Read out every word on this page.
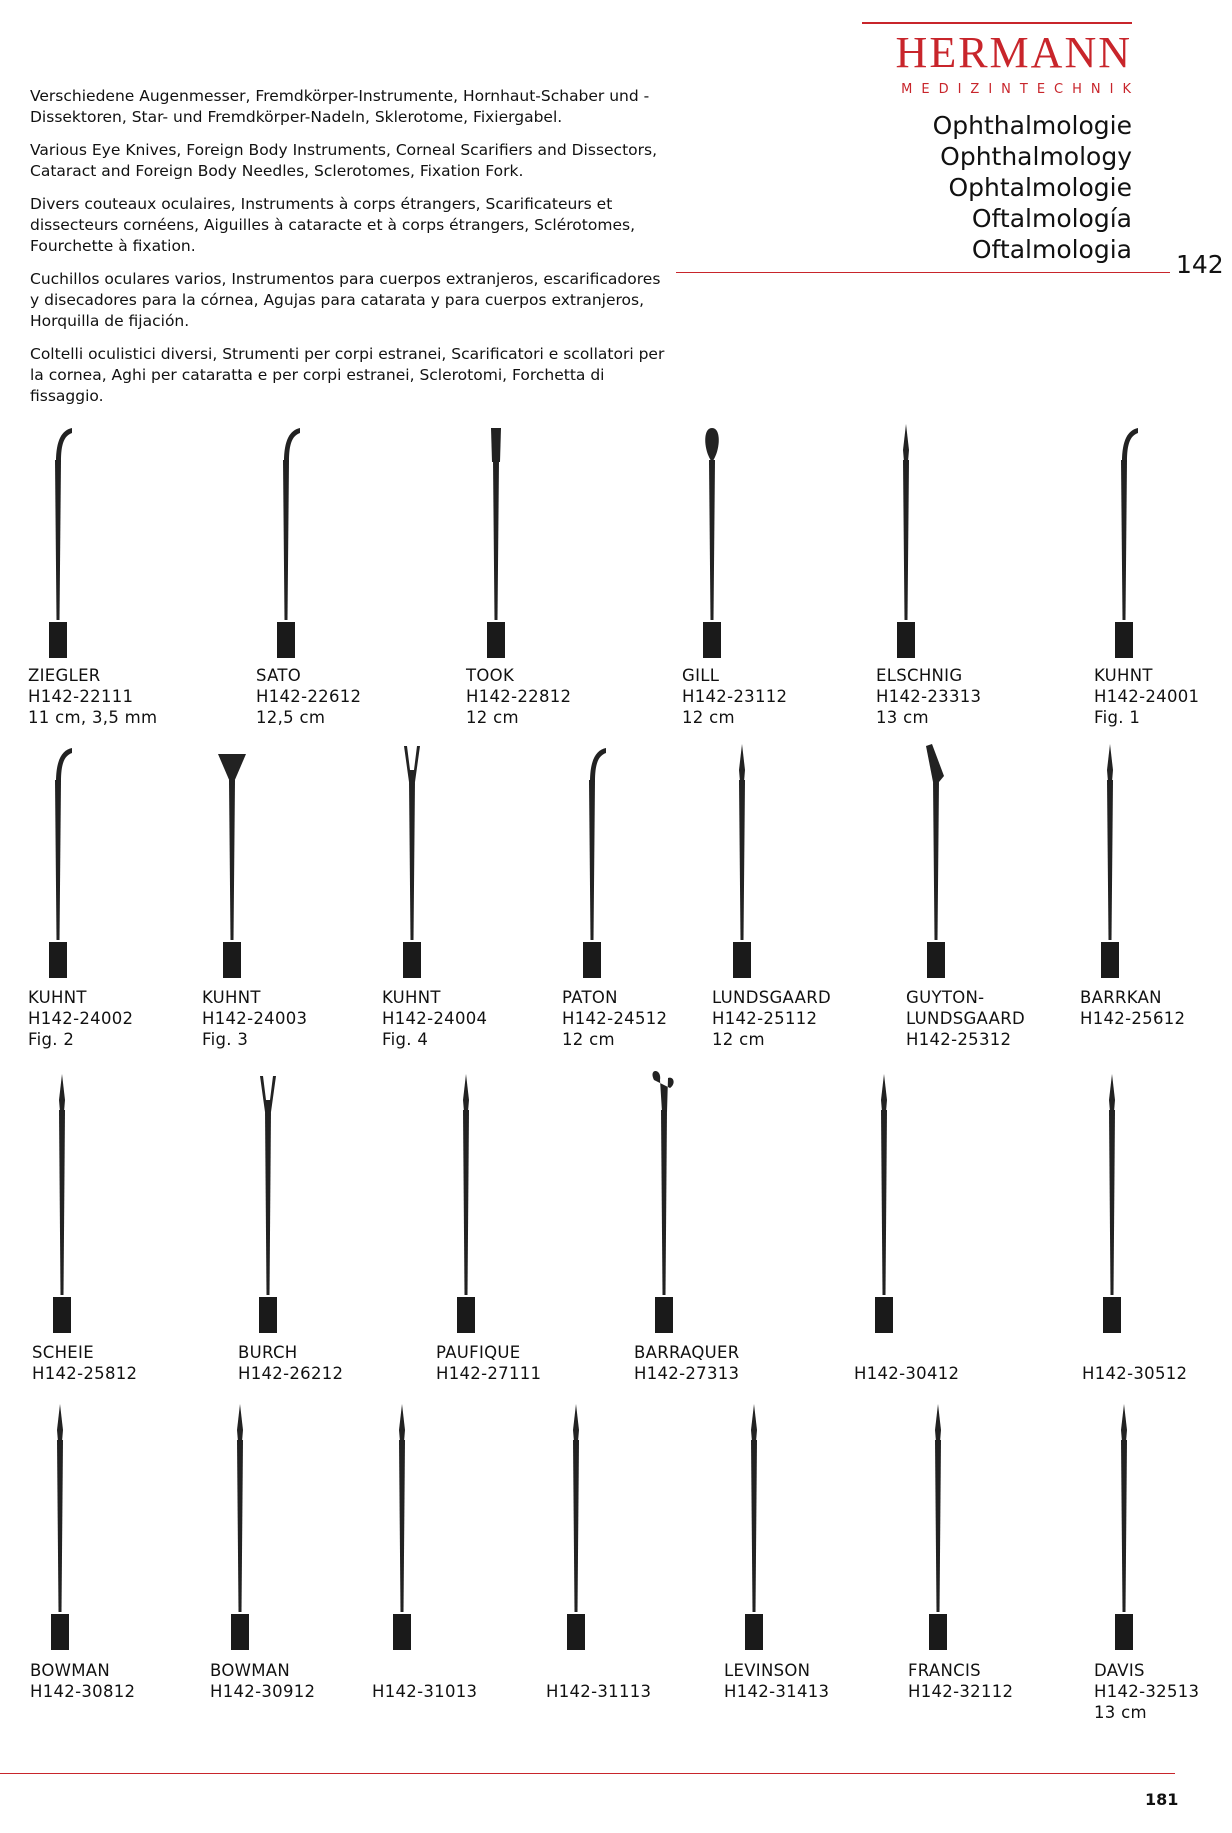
Verschiedene Augenmesser, Fremdkörper-Instrumente, Hornhaut-Schaber und -Dissektoren, Star- und Fremdkörper-Nadeln, Sklerotome, Fixiergabel.

Various Eye Knives, Foreign Body Instruments, Corneal Scarifiers and Dissectors, Cataract and Foreign Body Needles, Sclerotomes, Fixation Fork.

Divers couteaux oculaires, Instruments à corps étrangers, Scarificateurs et dissecteurs cornéens, Aiguilles à cataracte et à corps étrangers, Sclérotomes, Fourchette à fixation.

Cuchillos oculares varios, Instrumentos para cuerpos extranjeros, escarificadores y disecadores para la córnea, Agujas para catarata y para cuerpos extranjeros, Horquilla de fijación.

Coltelli oculistici diversi, Strumenti per corpi estranei, Scarificatori e scollatori per la cornea, Aghi per cataratta e per corpi estranei, Sclerotomi, Forchetta di fissaggio.

HERMANN
MEDIZINTECHNIK
Ophthalmologie
Ophthalmology
Ophtalmologie
Oftalmología
Oftalmologia
142
ZIEGLER
H142-22111
11 cm, 3,5 mm
SATO
H142-22612
12,5 cm
TOOK
H142-22812
12 cm
GILL
H142-23112
12 cm
ELSCHNIG
H142-23313
13 cm
KUHNT
H142-24001
Fig. 1
KUHNT
H142-24002
Fig. 2
KUHNT
H142-24003
Fig. 3
KUHNT
H142-24004
Fig. 4
PATON
H142-24512
12 cm
LUNDSGAARD
H142-25112
12 cm
GUYTON-
LUNDSGAARD
H142-25312
BARRKAN
H142-25612
SCHEIE
H142-25812
BURCH
H142-26212
PAUFIQUE
H142-27111
BARRAQUER
H142-27313	H142-30412	H142-30512
BOWMAN
H142-30812
BOWMAN
H142-30912	H142-31013	H142-31113
LEVINSON
H142-31413
FRANCIS
H142-32112
DAVIS
H142-32513
13 cm
181
